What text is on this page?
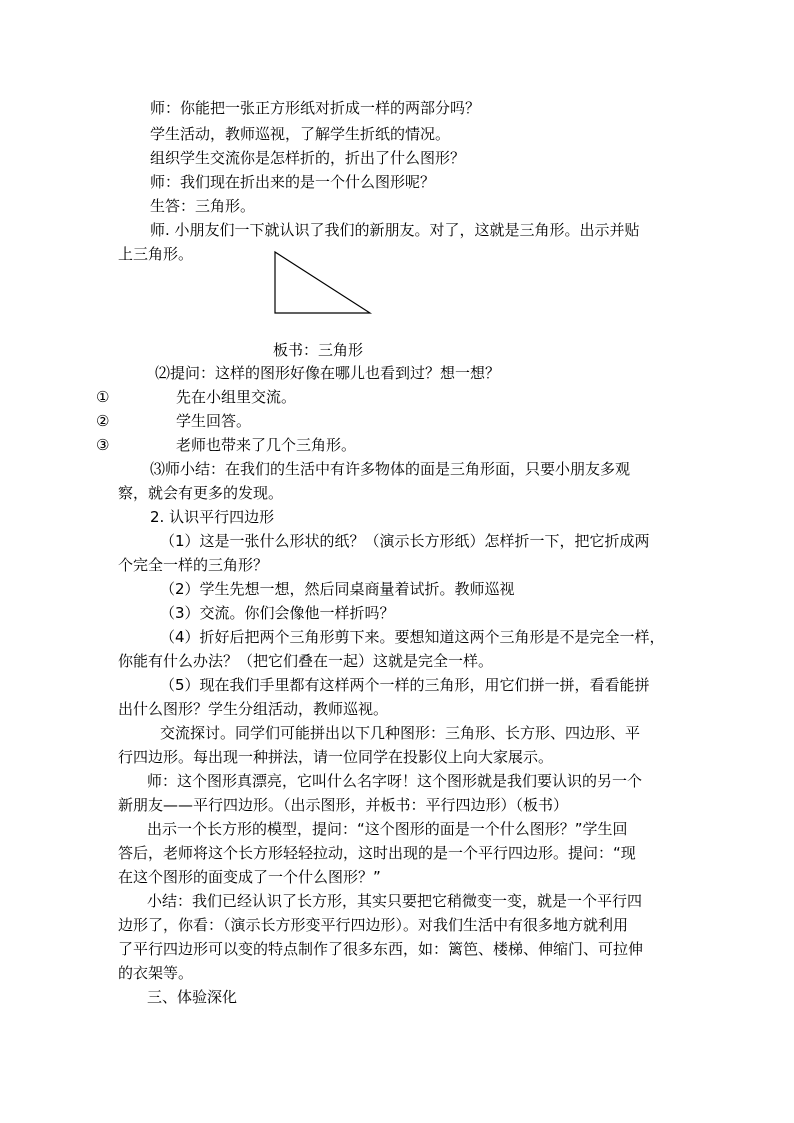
师：你能把一张正方形纸对折成一样的两部分吗？
学生活动，教师巡视，了解学生折纸的情况。
组织学生交流你是怎样折的，折出了什么图形？
师：我们现在折出来的是一个什么图形呢？
生答：三角形。
师. 小朋友们一下就认识了我们的新朋友。对了，这就是三角形。出示并贴
上三角形。
板书：三角形
⑵提问：这样的图形好像在哪儿也看到过？想一想？
①	先在小组里交流。
②	学生回答。
③	老师也带来了几个三角形。
⑶师小结：在我们的生活中有许多物体的面是三角形面，只要小朋友多观
察，就会有更多的发现。
2. 认识平行四边形
（1）这是一张什么形状的纸？（演示长方形纸）怎样折一下，把它折成两
个完全一样的三角形？
（2）学生先想一想，然后同桌商量着试折。教师巡视
（3）交流。你们会像他一样折吗？
（4）折好后把两个三角形剪下来。要想知道这两个三角形是不是完全一样，
你能有什么办法？（把它们叠在一起）这就是完全一样。
（5）现在我们手里都有这样两个一样的三角形，用它们拼一拼，看看能拼
出什么图形？学生分组活动，教师巡视。
交流探讨。同学们可能拼出以下几种图形：三角形、长方形、四边形、平
行四边形。每出现一种拼法，请一位同学在投影仪上向大家展示。
师：这个图形真漂亮，它叫什么名字呀！这个图形就是我们要认识的另一个
新朋友——平行四边形。（出示图形，并板书：平行四边形）（板书）
出示一个长方形的模型，提问：“这个图形的面是一个什么图形？”学生回
答后，老师将这个长方形轻轻拉动，这时出现的是一个平行四边形。提问：“现
在这个图形的面变成了一个什么图形？”
小结：我们已经认识了长方形，其实只要把它稍微变一变，就是一个平行四
边形了，你看：（演示长方形变平行四边形）。对我们生活中有很多地方就利用
了平行四边形可以变的特点制作了很多东西，如：篱笆、楼梯、伸缩门、可拉伸
的衣架等。
三、体验深化
